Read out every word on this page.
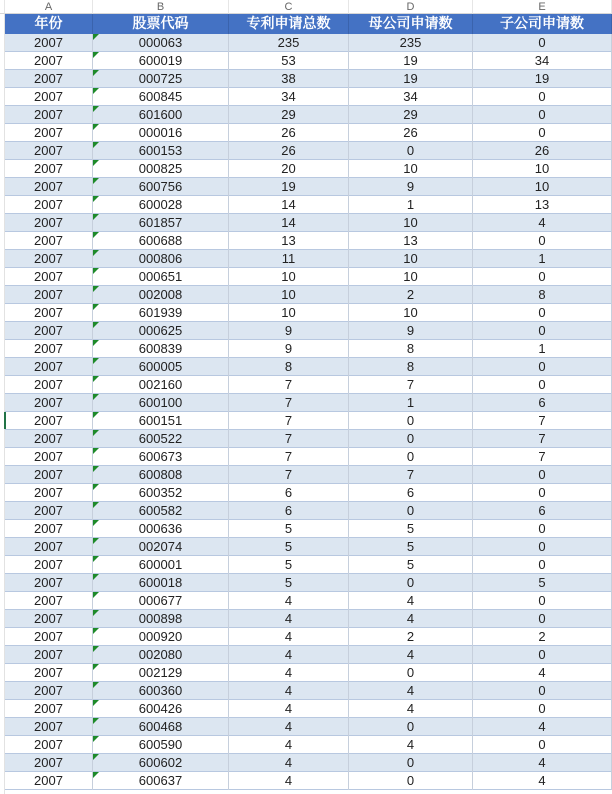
A	B	C	D	E
年份	股票代码	专利申请总数	母公司申请数	子公司申请数
2007	000063	235	235	0
2007	600019	53	19	34
2007	000725	38	19	19
2007	600845	34	34	0
2007	601600	29	29	0
2007	000016	26	26	0
2007	600153	26	0	26
2007	000825	20	10	10
2007	600756	19	9	10
2007	600028	14	1	13
2007	601857	14	10	4
2007	600688	13	13	0
2007	000806	11	10	1
2007	000651	10	10	0
2007	002008	10	2	8
2007	601939	10	10	0
2007	000625	9	9	0
2007	600839	9	8	1
2007	600005	8	8	0
2007	002160	7	7	0
2007	600100	7	1	6
2007	600151	7	0	7
2007	600522	7	0	7
2007	600673	7	0	7
2007	600808	7	7	0
2007	600352	6	6	0
2007	600582	6	0	6
2007	000636	5	5	0
2007	002074	5	5	0
2007	600001	5	5	0
2007	600018	5	0	5
2007	000677	4	4	0
2007	000898	4	4	0
2007	000920	4	2	2
2007	002080	4	4	0
2007	002129	4	0	4
2007	600360	4	4	0
2007	600426	4	4	0
2007	600468	4	0	4
2007	600590	4	4	0
2007	600602	4	0	4
2007	600637	4	0	4
